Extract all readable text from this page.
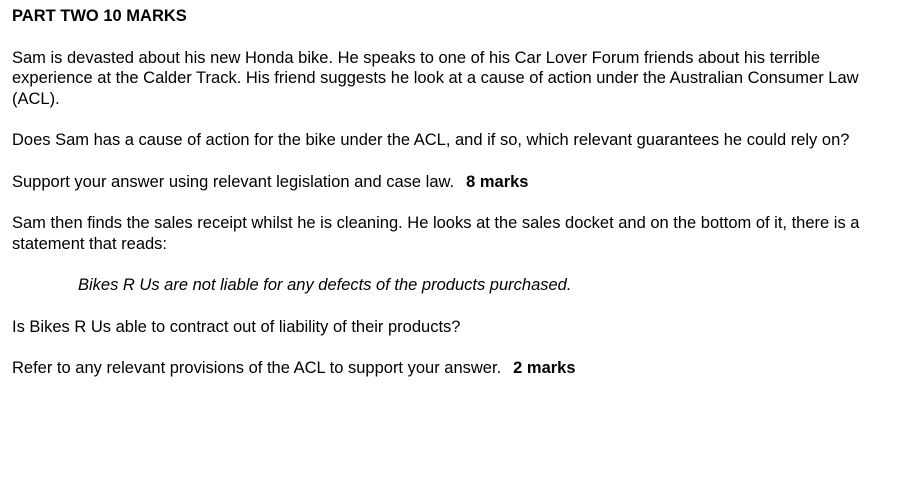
PART TWO 10 MARKS
Sam is devasted about his new Honda bike. He speaks to one of his Car Lover Forum friends about his terrible experience at the Calder Track. His friend suggests he look at a cause of action under the Australian Consumer Law (ACL).
Does Sam has a cause of action for the bike under the ACL, and if so, which relevant guarantees he could rely on?
Support your answer using relevant legislation and case law. 8 marks
Sam then finds the sales receipt whilst he is cleaning. He looks at the sales docket and on the bottom of it, there is a statement that reads:
Bikes R Us are not liable for any defects of the products purchased.
Is Bikes R Us able to contract out of liability of their products?
Refer to any relevant provisions of the ACL to support your answer. 2 marks
